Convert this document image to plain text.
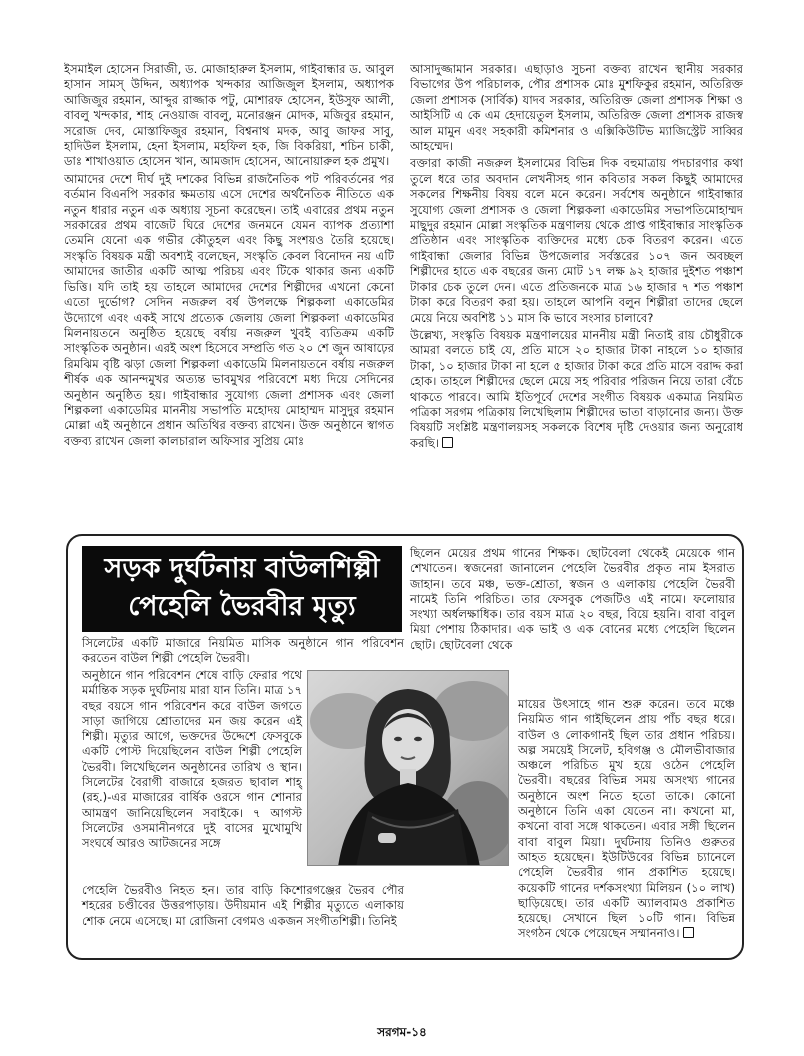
ইসমাইল হোসেন সিরাজী, ড. মোজাহারুল ইসলাম, গাইবান্ধার ড. আবুল হাসান সামস্ উদ্দিন, অধ্যাপক খন্দকার আজিজুল ইসলাম, অধ্যাপক আজিজুর রহমান, আব্দুর রাজ্জাক পটু, মোশারফ হোসেন, ইউসুফ আলী, বাবলু খন্দকার, শাহ নেওয়াজ বাবলু, মনোরঞ্জন মোদক, মজিবুর রহমান, সরোজ দেব, মোস্তাফিজুর রহমান, বিশ্বনাথ মদক, আবু জাফর সাবু, হাদিউল ইসলাম, হেনা ইসলাম, মহফিল হক, জি বিকরিয়া, শচিন চাকী, ডাঃ শাখাওয়াত হোসেন খান, আমজাদ হোসেন, আনোয়ারুল হক প্রমুখ।

আমাদের দেশে দীর্ঘ দুই দশকের বিভিন্ন রাজনৈতিক পট পরিবর্তনের পর বর্তমান বিএনপি সরকার ক্ষমতায় এসে দেশের অর্থনৈতিক নীতিতে এক নতুন ধারার নতুন এক অধ্যায় সূচনা করেছেন। তাই এবারের প্রথম নতুন সরকারের প্রথম বাজেট ঘিরে দেশের জনমনে যেমন ব্যাপক প্রত্যাশা তেমনি যেনো এক গভীর কৌতুহল এবং কিছু সংশয়ও তৈরি হয়েছে। সংস্কৃতি বিষয়ক মন্ত্রী অবশ্যই বলেছেন, সংস্কৃতি কেবল বিনোদন নয় এটি আমাদের জাতীর একটি আত্ম পরিচয় এবং টিকে থাকার জন্য একটি ভিত্তি। যদি তাই হয় তাহলে আমাদের দেশের শিল্পীদের এখনো কেনো এতো দুর্ভোগ? সেদিন নজরুল বর্ষ উপলক্ষে শিল্পকলা একাডেমির উদ্যোগে এবং একই সাথে প্রত্যেক জেলায় জেলা শিল্পকলা একাডেমির মিলনায়তনে অনুষ্ঠিত হয়েছে বর্ষায় নজরুল খুবই ব্যতিক্রম একটি সাংস্কৃতিক অনুষ্ঠান। এরই অংশ হিসেবে সম্প্রতি গত ২০ শে জুন আষাঢ়ের রিমঝিম বৃষ্টি ঝড়া জেলা শিল্পকলা একাডেমি মিলনায়তনে বর্ষায় নজরুল শীর্ষক এক আনন্দমুখর অত্যন্ত ভাবমুখর পরিবেশে মধ্য দিয়ে সেদিনের অনুষ্ঠান অনুষ্ঠিত হয়। গাইবান্ধার সুযোগ্য জেলা প্রশাসক এবং জেলা শিল্পকলা একাডেমির মাননীয় সভাপতি মহোদয় মোহাম্মদ মাসুদুর রহমান মোল্লা এই অনুষ্ঠানে প্রধান অতিথির বক্তব্য রাখেন। উক্ত অনুষ্ঠানে স্বাগত বক্তব্য রাখেন জেলা কালচারাল অফিসার সুপ্রিয় মোঃ

আসাদুজ্জামান সরকার। এছাড়াও সুচনা বক্তব্য রাখেন স্থানীয় সরকার বিভাগের উপ পরিচালক, পৌর প্রশাসক মোঃ মুশফিকুর রহমান, অতিরিক্ত জেলা প্রশাসক (সার্বিক) যাদব সরকার, অতিরিক্ত জেলা প্রশাসক শিক্ষা ও আইসিটি এ কে এম হেদায়েতুল ইসলাম, অতিরিক্ত জেলা প্রশাসক রাজস্ব আল মামুন এবং সহকারী কমিশনার ও এক্সিকিউটিভ ম্যাজিস্ট্রেট সাব্বির আহম্মেদ।

বক্তারা কাজী নজরুল ইসলামের বিভিন্ন দিক বহুমাত্রায় পদচারণার কথা তুলে ধরে তার অবদান লেখনীসহ গান কবিতার সকল কিছুই আমাদের সকলের শিক্ষনীয় বিষয় বলে মনে করেন। সর্বশেষ অনুষ্ঠানে গাইবান্ধার সুযোগ্য জেলা প্রশাসক ও জেলা শিল্পকলা একাডেমির সভাপতিমোহাম্মদ মাছুদুর রহমান মোল্লা সংস্কৃতিক মন্ত্রণালয় থেকে প্রাপ্ত গাইবান্ধার সাংস্কৃতিক প্রতিষ্ঠান এবং সাংস্কৃতিক ব্যক্তিদের মধ্যে চেক বিতরণ করেন। এতে গাইবান্ধা জেলার বিভিন্ন উপজেলার সর্বস্তরের ১০৭ জন অবচ্ছল শিল্পীদের হাতে এক বছরের জন্য মোট ১৭ লক্ষ ৯২ হাজার দুইশত পঞ্চাশ টাকার চেক তুলে দেন। এতে প্রতিজনকে মাত্র ১৬ হাজার ৭ শত পঞ্চাশ টাকা করে বিতরণ করা হয়। তাহলে আপনি বলুন শিল্পীরা তাদের ছেলে মেয়ে নিয়ে অবশিষ্ট ১১ মাস কি ভাবে সংসার চালাবে?

উল্লেখ্য, সংস্কৃতি বিষয়ক মন্ত্রণালয়ের মাননীয় মন্ত্রী নিতাই রায় চৌধুরীকে আমরা বলতে চাই যে, প্রতি মাসে ২০ হাজার টাকা নাহলে ১০ হাজার টাকা, ১০ হাজার টাকা না হলে ৫ হাজার টাকা করে প্রতি মাসে বরাদ্দ করা হোক। তাহলে শিল্পীদের ছেলে মেয়ে সহ পরিবার পরিজন নিয়ে তারা বেঁচে থাকতে পারবে। আমি ইতিপূর্বে দেশের সংগীত বিষয়ক একমাত্র নিয়মিত পত্রিকা সরগম পত্রিকায় লিখেছিলাম শিল্পীদের ভাতা বাড়ানোর জন্য। উক্ত বিষয়টি সংশ্লিষ্ট মন্ত্রণালয়সহ সকলকে বিশেষ দৃষ্টি দেওয়ার জন্য অনুরোধ করছি।

সড়ক দুর্ঘটনায় বাউলশিল্পী
পেহেলি ভৈরবীর মৃত্যু

সিলেটের একটি মাজারে নিয়মিত মাসিক অনুষ্ঠানে গান পরিবেশন করতেন বাউল শিল্পী পেহেলি ভৈরবী।

অনুষ্ঠানে গান পরিবেশন শেষে বাড়ি ফেরার পথে মর্মান্তিক সড়ক দুর্ঘটনায় মারা যান তিনি। মাত্র ১৭ বছর বয়সে গান পরিবেশন করে বাউল জগতে সাড়া জাগিয়ে শ্রোতাদের মন জয় করেন এই শিল্পী। মৃত্যুর আগে, ভক্তদের উদ্দেশে ফেসবুকে একটি পোস্ট দিয়েছিলেন বাউল শিল্পী পেহেলি ভৈরবী। লিখেছিলেন অনুষ্ঠানের তারিখ ও স্থান। সিলেটের বৈরাগী বাজারে হজরত ছাবাল শাহ্ (রহ.)-এর মাজারের বার্ষিক ওরসে গান শোনার আমন্ত্রণ জানিয়েছিলেন সবাইকে। ৭ আগস্ট সিলেটের ওসমানীনগরে দুই বাসের মুখোমুখি সংঘর্ষে আরও আটজনের সঙ্গে

পেহেলি ভৈরবীও নিহত হন। তার বাড়ি কিশোরগঞ্জের ভৈরব পৌর শহরের চণ্ডীবের উত্তরপাড়ায়। উদীয়মান এই শিল্পীর মৃত্যুতে এলাকায় শোক নেমে এসেছে। মা রোজিনা বেগমও একজন সংগীতশিল্পী। তিনিই

ছিলেন মেয়ের প্রথম গানের শিক্ষক। ছোটবেলা থেকেই মেয়েকে গান শেখাতেন। স্বজনেরা জানালেন পেহেলি ভৈরবীর প্রকৃত নাম ইসরাত জাহান। তবে মঞ্চ, ভক্ত-শ্রোতা, স্বজন ও এলাকায় পেহেলি ভৈরবী নামেই তিনি পরিচিত। তার ফেসবুক পেজটিও এই নামে। ফলোয়ার সংখ্যা অর্ধলক্ষাধিক। তার বয়স মাত্র ২০ বছর, বিয়ে হয়নি। বাবা বাবুল মিয়া পেশায় ঠিকাদার। এক ভাই ও এক বোনের মধ্যে পেহেলি ছিলেন ছোট। ছোটবেলা থেকে

মায়ের উৎসাহে গান শুরু করেন। তবে মঞ্চে নিয়মিত গান গাইছিলেন প্রায় পাঁচ বছর ধরে। বাউল ও লোকগানই ছিল তার প্রধান পরিচয়। অল্প সময়েই সিলেট, হবিগঞ্জ ও মৌলভীবাজার অঞ্চলে পরিচিত মুখ হয়ে ওঠেন পেহেলি ভৈরবী। বছরের বিভিন্ন সময় অসংখ্য গানের অনুষ্ঠানে অংশ নিতে হতো তাকে। কোনো অনুষ্ঠানে তিনি একা যেতেন না। কখনো মা, কখনো বাবা সঙ্গে থাকতেন। এবার সঙ্গী ছিলেন বাবা বাবুল মিয়া। দুর্ঘটনায় তিনিও গুরুতর আহত হয়েছেন। ইউটিউবের বিভিন্ন চ্যানেলে পেহেলি ভৈরবীর গান প্রকাশিত হয়েছে। কয়েকটি গানের দর্শকসংখ্যা মিলিয়ন (১০ লাখ) ছাড়িয়েছে। তার একটি অ্যালবামও প্রকাশিত হয়েছে। সেখানে ছিল ১০টি গান। বিভিন্ন সংগঠন থেকে পেয়েছেন সম্মাননাও।

সরগম-১৪
